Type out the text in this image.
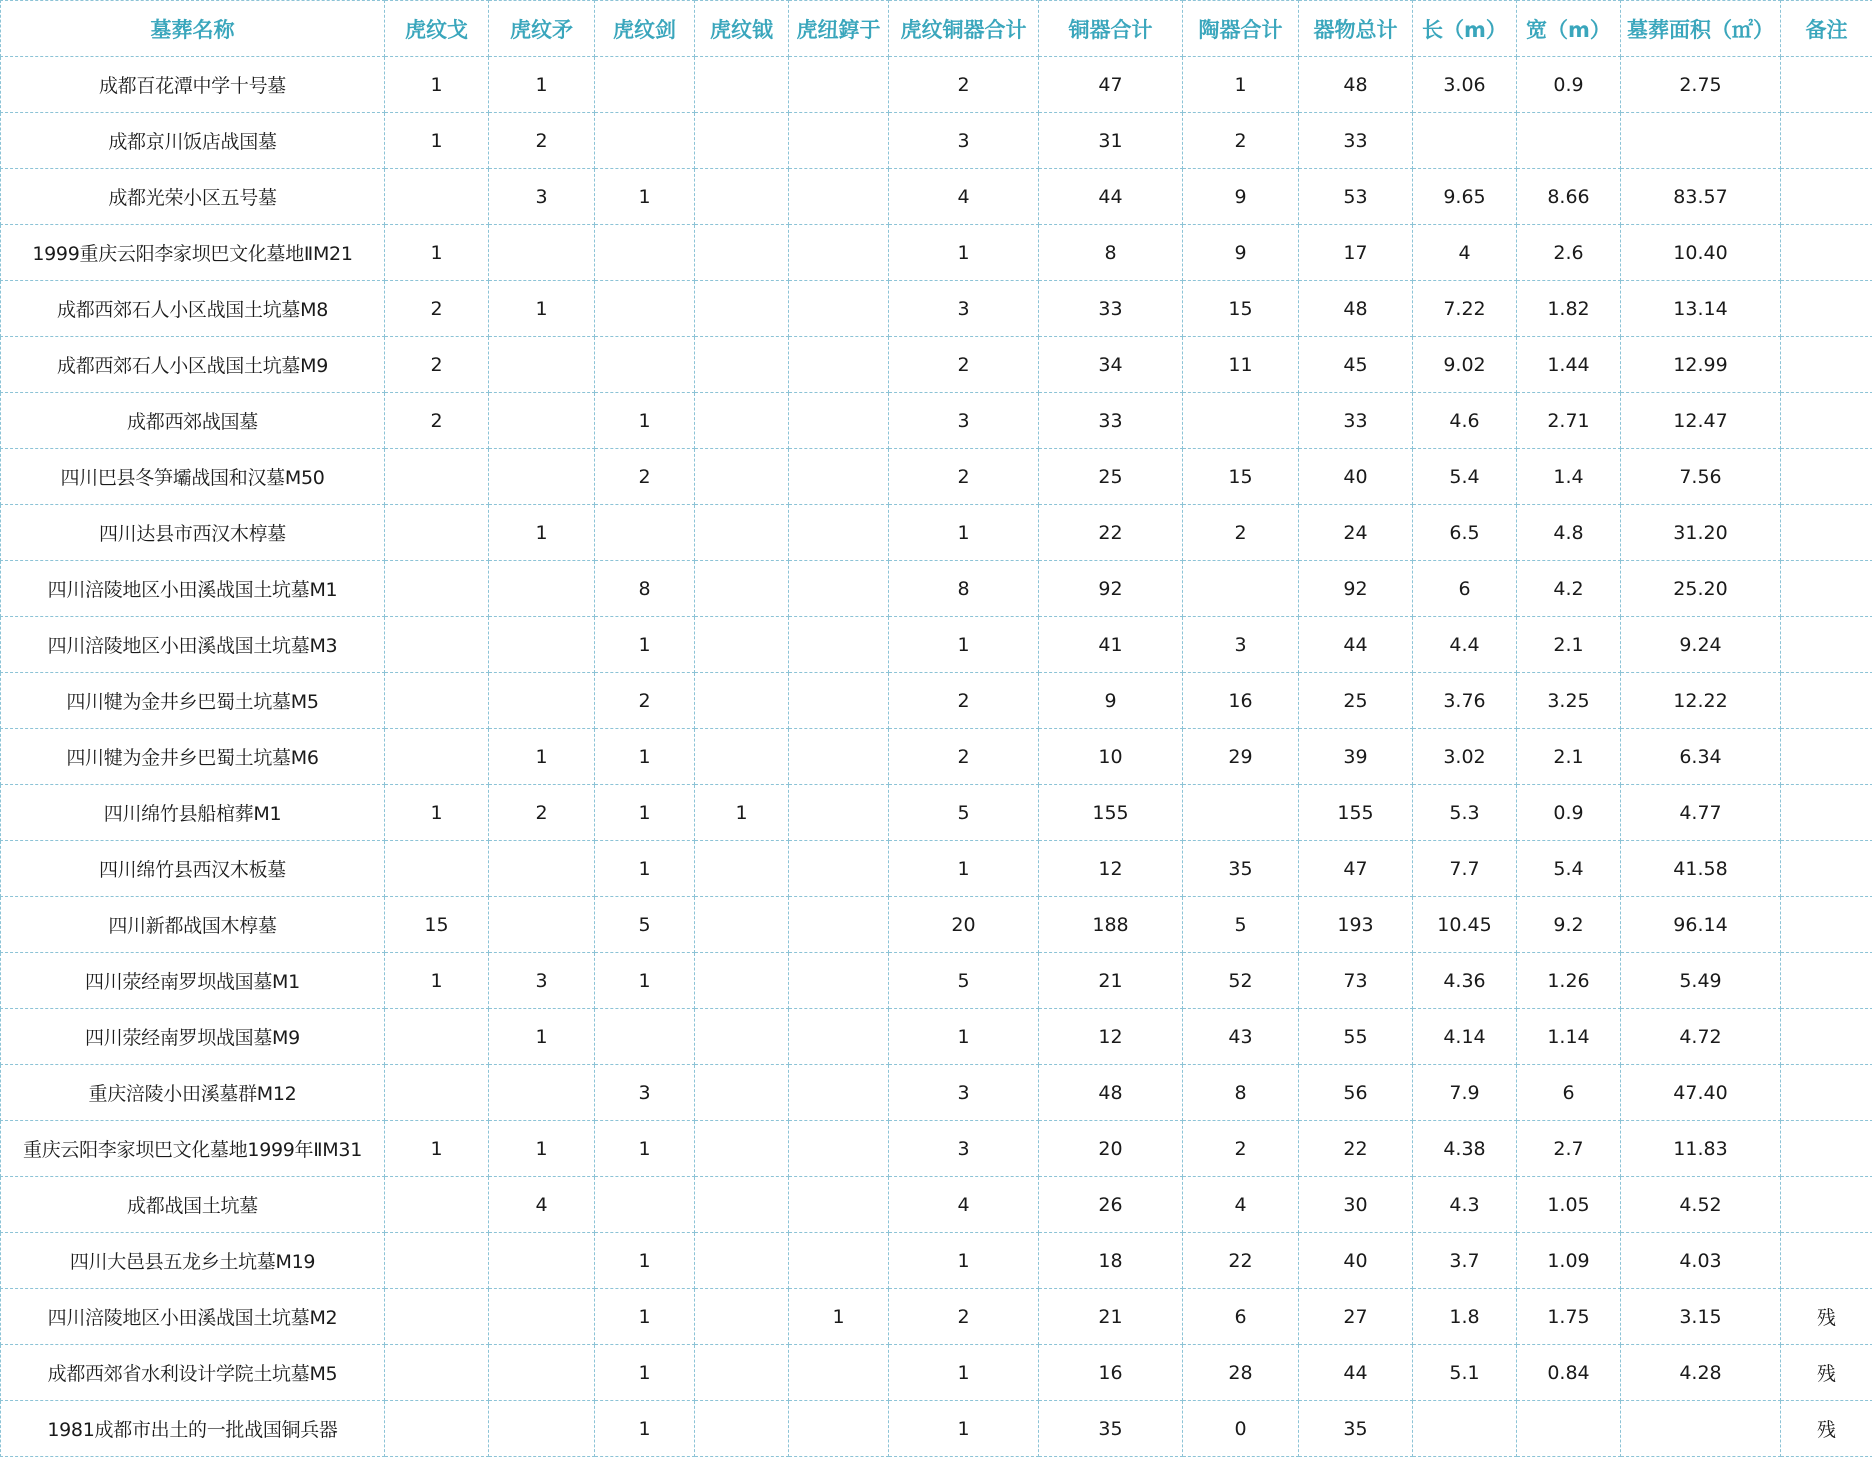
墓葬名称	虎纹戈	虎纹矛	虎纹剑	虎纹钺	虎纽錞于	虎纹铜器合计	铜器合计	陶器合计	器物总计	长（m）	宽（m）	墓葬面积（㎡）	备注
成都百花潭中学十号墓	1	1				2	47	1	48	3.06	0.9	2.75	
成都京川饭店战国墓	1	2				3	31	2	33				
成都光荣小区五号墓		3	1			4	44	9	53	9.65	8.66	83.57	
1999重庆云阳李家坝巴文化墓地ⅡM21	1					1	8	9	17	4	2.6	10.40	
成都西郊石人小区战国土坑墓M8	2	1				3	33	15	48	7.22	1.82	13.14	
成都西郊石人小区战国土坑墓M9	2					2	34	11	45	9.02	1.44	12.99	
成都西郊战国墓	2		1			3	33		33	4.6	2.71	12.47	
四川巴县冬笋壩战国和汉墓M50			2			2	25	15	40	5.4	1.4	7.56	
四川达县市西汉木椁墓		1				1	22	2	24	6.5	4.8	31.20	
四川涪陵地区小田溪战国土坑墓M1			8			8	92		92	6	4.2	25.20	
四川涪陵地区小田溪战国土坑墓M3			1			1	41	3	44	4.4	2.1	9.24	
四川犍为金井乡巴蜀土坑墓M5			2			2	9	16	25	3.76	3.25	12.22	
四川犍为金井乡巴蜀土坑墓M6		1	1			2	10	29	39	3.02	2.1	6.34	
四川绵竹县船棺葬M1	1	2	1	1		5	155		155	5.3	0.9	4.77	
四川绵竹县西汉木板墓			1			1	12	35	47	7.7	5.4	41.58	
四川新都战国木椁墓	15		5			20	188	5	193	10.45	9.2	96.14	
四川荥经南罗坝战国墓M1	1	3	1			5	21	52	73	4.36	1.26	5.49	
四川荥经南罗坝战国墓M9		1				1	12	43	55	4.14	1.14	4.72	
重庆涪陵小田溪墓群M12			3			3	48	8	56	7.9	6	47.40	
重庆云阳李家坝巴文化墓地1999年ⅡM31	1	1	1			3	20	2	22	4.38	2.7	11.83	
成都战国土坑墓		4				4	26	4	30	4.3	1.05	4.52	
四川大邑县五龙乡土坑墓M19			1			1	18	22	40	3.7	1.09	4.03	
四川涪陵地区小田溪战国土坑墓M2			1		1	2	21	6	27	1.8	1.75	3.15	残
成都西郊省水利设计学院土坑墓M5			1			1	16	28	44	5.1	0.84	4.28	残
1981成都市出土的一批战国铜兵器			1			1	35	0	35				残
